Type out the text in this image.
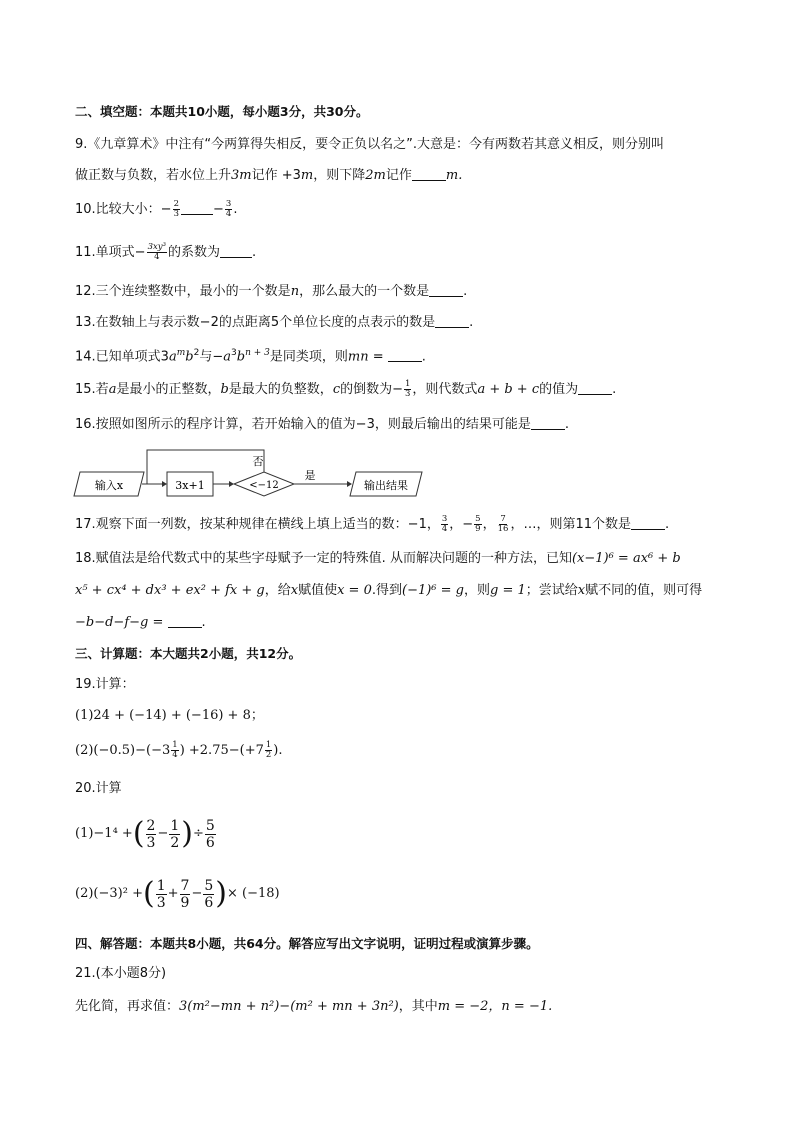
二、填空题：本题共10小题，每小题3分，共30分。
9.《九章算术》中注有“今两算得失相反，要令正负以名之”.大意是：今有两数若其意义相反，则分别叫
做正数与负数，若水位上升3m记作 +3m，则下降2m记作	m.
10.比较大小：− $\frac{2}{3}$	− $\frac{3}{4}$ .
11.单项式− $\frac{\text{3xy³}}{4}$ 的系数为 .
12.三个连续整数中，最小的一个数是n，那么最大的一个数是	.
13.在数轴上与表示数−2的点距离5个单位长度的点表示的数是	.
14.已知单项式$3a^mb^2$与$-a^3b^{n + 3}$是同类项，则mn =	.
15.若a是最小的正整数，b是最大的负整数，c的倒数为− $\frac{1}{3}$ ，则代数式a + b + c的值为	.
16.按照如图所示的程序计算，若开始输入的值为−3，则最后输出的结果可能是	.
输入x	3x+1	<−12
否
是
输出结果
17.观察下面一列数，按某种规律在横线上填上适当的数：−1， $\frac{3}{4}$ ，− $\frac{5}{9}$ ， $\frac{7}{16}$ ，…，则第11个数是	.
18.赋值法是给代数式中的某些字母赋予一定的特殊值. 从而解决问题的一种方法，已知(x−1)⁶ = ax⁶ + b
x⁵ + cx⁴ + dx³ + ex² + fx + g，给x赋值使x = 0.得到(−1)⁶ = g，则g = 1；尝试给x赋不同的值，则可得
−b−d−f−g =	.
三、计算题：本大题共2小题，共12分。
19.计算：
(1)24 + (−14) + (−16) + 8；
$(2)(-0.5)-(-3 \frac{1}{4}$ ) $+2.75-(+7 \frac{1}{2}$ ).
20.计算
(1)−1⁴ + ( $\frac{2}{3} - \frac{1}{2}$ ) ÷ $\frac{5}{6}$
(2)(−3)² + ( $\frac{1}{3} + \frac{7}{9} - \frac{5}{6}$ ) × (−18)
四、解答题：本题共8小题，共64分。解答应写出文字说明，证明过程或演算步骤。
21.(本小题8分)
先化简，再求值：3(m²−mn + n²)−(m² + mn + 3n²)，其中m = −2，n = −1.
